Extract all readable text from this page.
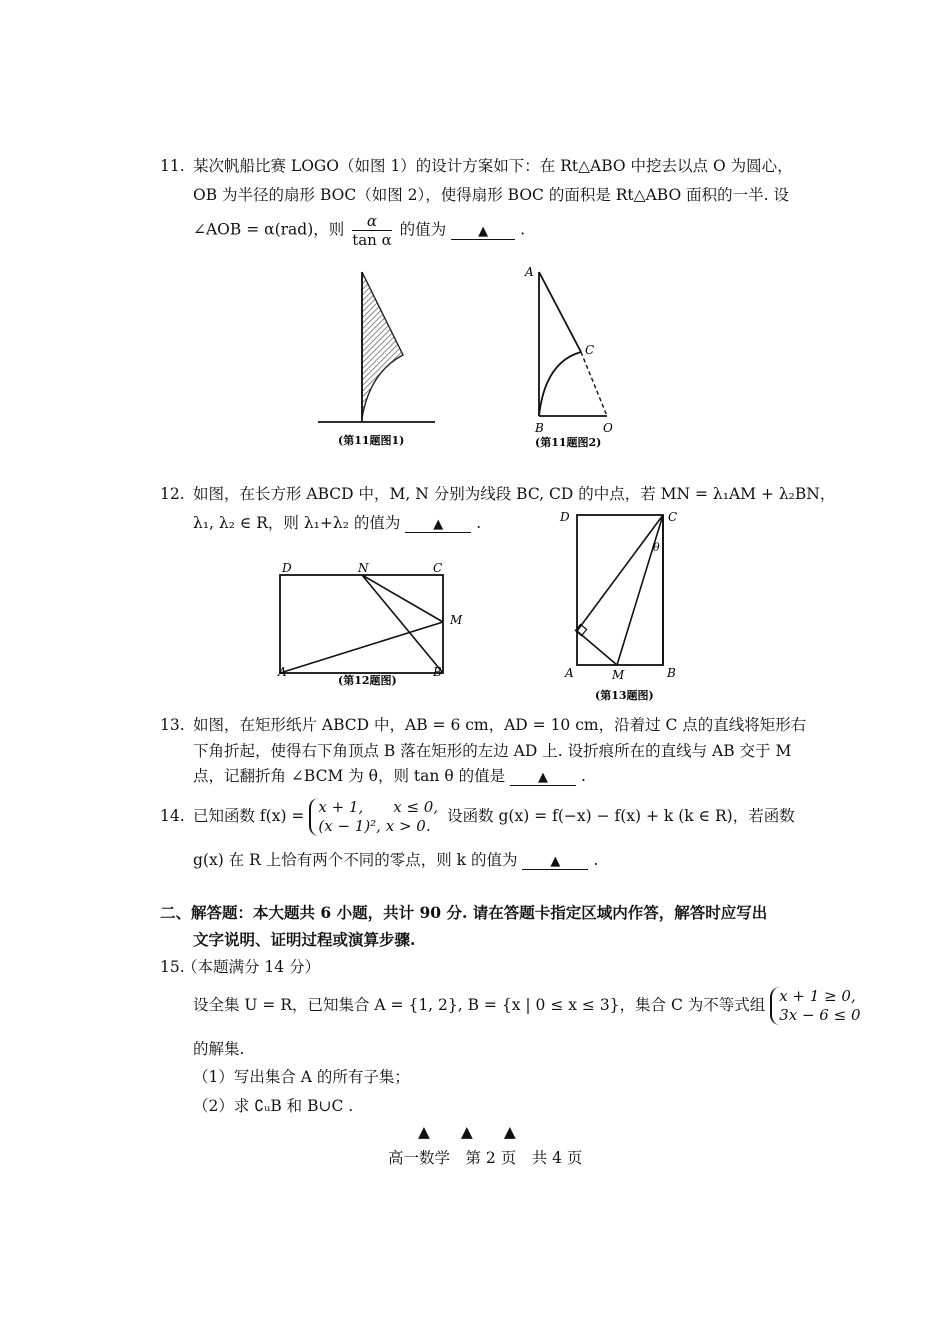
11. 某次帆船比赛 LOGO（如图 1）的设计方案如下：在 Rt△ABO 中挖去以点 O 为圆心，
OB 为半径的扇形 BOC（如图 2），使得扇形 BOC 的面积是 Rt△ABO 面积的一半. 设
∠AOB = α(rad)，则 $\frac{\alpha}{\text{tan α}}$ 的值为 ▲ .
(第11题图1)
A
C
B	O
(第11题图2)
12. 如图，在长方形 ABCD 中，M, N 分别为线段 BC, CD 的中点，若 MN = λ₁AM + λ₂BN，
λ₁, λ₂ ∈ R，则 λ₁+λ₂ 的值为	▲ .
D	N	C
M
A	B
(第12题图)
D	C
θ
A	M	B
(第13题图)
13. 如图，在矩形纸片 ABCD 中，AB = 6 cm，AD = 10 cm，沿着过 C 点的直线将矩形右
下角折起，使得右下角顶点 B 落在矩形的左边 AD 上. 设折痕所在的直线与 AB 交于 M
点，记翻折角 ∠BCM 为 θ，则 tan θ 的值是	▲ .
14. 已知函数 f(x) = x + 1,　　x ≤ 0,
(x − 1)², x > 0.
设函数 g(x) = f(−x) − f(x) + k (k ∈ R)，若函数
g(x) 在 R 上恰有两个不同的零点，则 k 的值为	▲ .
二、解答题：本大题共 6 小题，共计 90 分. 请在答题卡指定区域内作答，解答时应写出
文字说明、证明过程或演算步骤.
15.
（本题满分 14 分）
设全集 U = R，已知集合 A = {1, 2}, B = {x | 0 ≤ x ≤ 3}，集合 C 为不等式组 x + 1 ≥ 0,
3x − 6 ≤ 0
的解集.
（1）写出集合 A 的所有子集；
（2）求 ∁ᵤB 和 B∪C .
▲　　▲　　▲
高一数学　第 2 页　共 4 页
